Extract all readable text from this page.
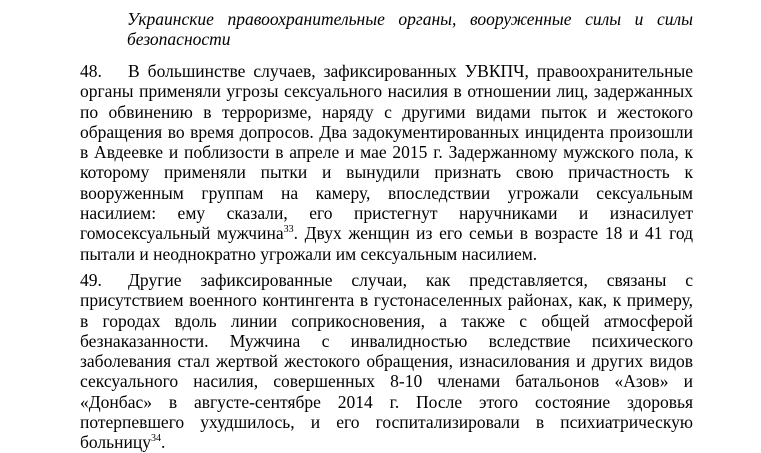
Украинские правоохранительные органы, вооруженные силы и силы безопасности

48. В большинстве случаев, зафиксированных УВКПЧ, правоохранительные органы применяли угрозы сексуального насилия в отношении лиц, задержанных по обвинению в терроризме, наряду с другими видами пыток и жестокого обращения во время допросов. Два задокументированных инцидента произошли в Авдеевке и поблизости в апреле и мае 2015 г. Задержанному мужского пола, к которому применяли пытки и вынудили признать свою причастность к вооруженным группам на камеру, впоследствии угрожали сексуальным насилием: ему сказали, его пристегнут наручниками и изнасилует гомосексуальный мужчина$^{33}$. Двух женщин из его семьи в возрасте 18 и 41 год пытали и неоднократно угрожали им сексуальным насилием.

49. Другие зафиксированные случаи, как представляется, связаны с присутствием военного контингента в густонаселенных районах, как, к примеру, в городах вдоль линии соприкосновения, а также с общей атмосферой безнаказанности. Мужчина с инвалидностью вследствие психического заболевания стал жертвой жестокого обращения, изнасилования и других видов сексуального насилия, совершенных 8-10 членами батальонов «Азов» и «Донбас» в августе-сентябре 2014 г. После этого состояние здоровья потерпевшего ухудшилось, и его госпитализировали в психиатрическую больницу$^{34}$.
